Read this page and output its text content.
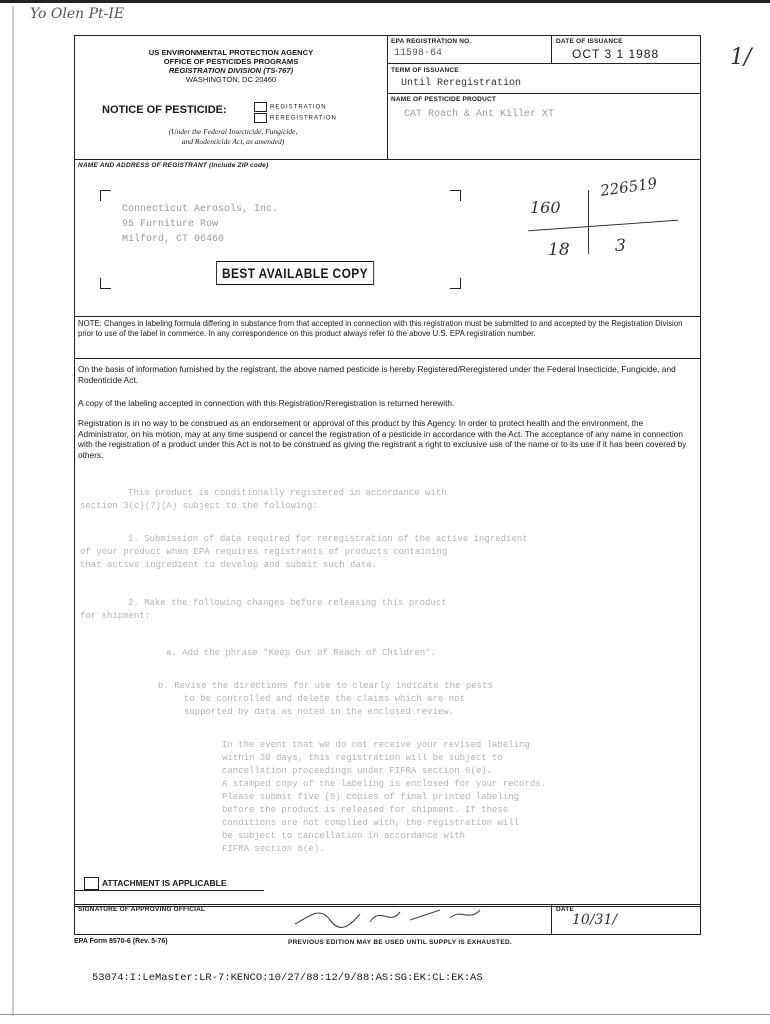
Yo Olen Pt-IE
US ENVIRONMENTAL PROTECTION AGENCY
OFFICE OF PESTICIDES PROGRAMS
REGISTRATION DIVISION (TS-767)
WASHINGTON, DC 20460
NOTICE OF PESTICIDE:	REGISTRATION
REREGISTRATION
(Under the Federal Insecticide, Fungicide,
and Rodenticide Act, as amended)
EPA REGISTRATION NO.
11598-64
DATE OF ISSUANCE
OCT 3 1 1988
TERM OF ISSUANCE
Until Reregistration
NAME OF PESTICIDE PRODUCT
CAT Roach & Ant Killer XT
NAME AND ADDRESS OF REGISTRANT (Include ZIP code)
Connecticut Aerosols, Inc.
95 Furniture Row
Milford, CT 06460
BEST AVAILABLE COPY
160
226519
18	3
1/
NOTE: Changes in labeling formula differing in substance from that accepted in connection with this registration must be submitted to and accepted by the Registration Division prior to use of the label in commerce. In any correspondence on this product always refer to the above U.S. EPA registration number.
On the basis of information furnished by the registrant, the above named pesticide is hereby Registered/Reregistered under the Federal Insecticide, Fungicide, and Rodenticide Act.
A copy of the labeling accepted in connection with this Registration/Reregistration is returned herewith.
Registration is in no way to be construed as an endorsement or approval of this product by this Agency. In order to protect health and the environment, the Administrator, on his motion, may at any time suspend or cancel the registration of a pesticide in accordance with the Act. The acceptance of any name in connection with the registration of a product under this Act is not to be construed as giving the registrant a right to exclusive use of the name or to its use if it has been covered by others.
This product is conditionally registered in accordance with
section 3(c)(7)(A) subject to the following:
1. Submission of data required for reregistration of the active ingredient
of your product when EPA requires registrants of products containing
that active ingredient to develop and submit such data.
2. Make the following changes before releasing this product
for shipment:
a. Add the phrase "Keep Out of Reach of Children".
b. Revise the directions for use to clearly indicate the pests
to be controlled and delete the claims which are not
supported by data as noted in the enclosed review.
In the event that we do not receive your revised labeling
within 30 days, this registration will be subject to
cancellation proceedings under FIFRA section 6(e).
A stamped copy of the labeling is enclosed for your records.
Please submit five (5) copies of final printed labeling
before the product is released for shipment. If these
conditions are not complied with, the registration will
be subject to cancellation in accordance with
FIFRA section 6(e).
ATTACHMENT IS APPLICABLE
SIGNATURE OF APPROVING OFFICIAL	DATE
10/31/
EPA Form 8570-6 (Rev. 5-76)	PREVIOUS EDITION MAY BE USED UNTIL SUPPLY IS EXHAUSTED.
53074:I:LeMaster:LR-7:KENCO:10/27/88:12/9/88:AS:SG:EK:CL:EK:AS
